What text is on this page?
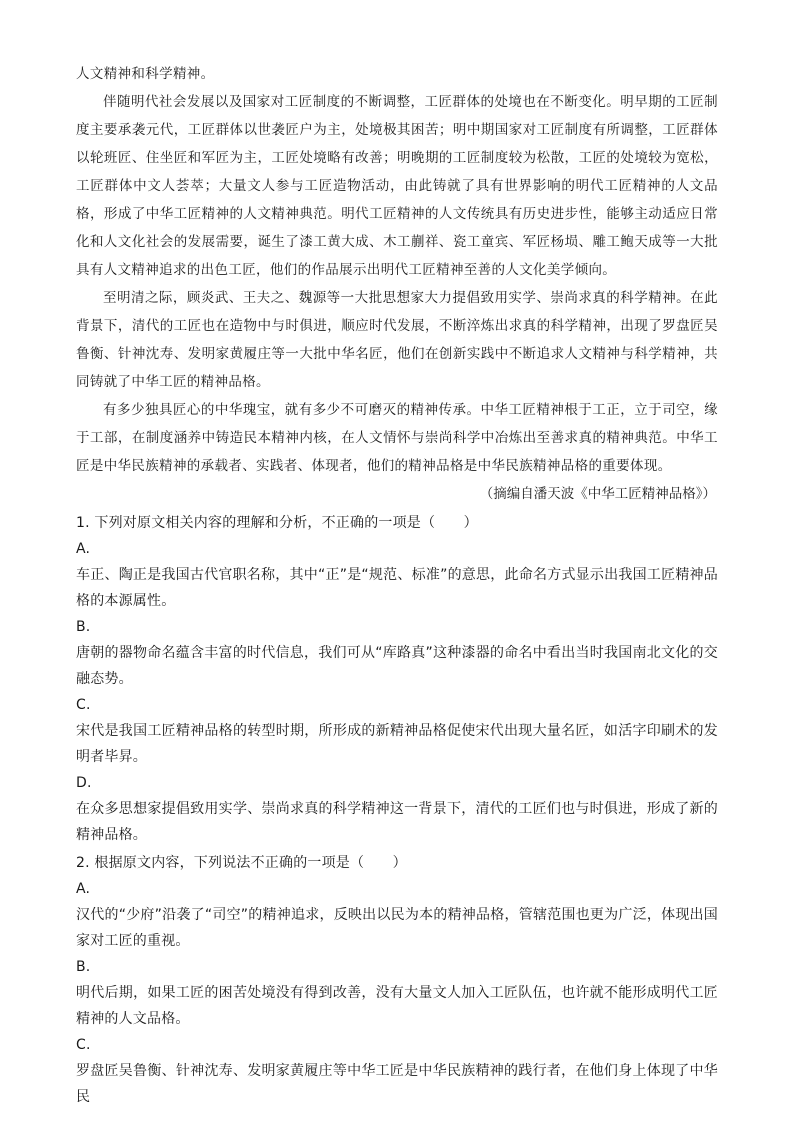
人文精神和科学精神。

伴随明代社会发展以及国家对工匠制度的不断调整，工匠群体的处境也在不断变化。明早期的工匠制度主要承袭元代，工匠群体以世袭匠户为主，处境极其困苦；明中期国家对工匠制度有所调整，工匠群体以轮班匠、住坐匠和军匠为主，工匠处境略有改善；明晚期的工匠制度较为松散，工匠的处境较为宽松，工匠群体中文人荟萃；大量文人参与工匠造物活动，由此铸就了具有世界影响的明代工匠精神的人文品格，形成了中华工匠精神的人文精神典范。明代工匠精神的人文传统具有历史进步性，能够主动适应日常化和人文化社会的发展需要，诞生了漆工黄大成、木工蒯祥、瓷工童宾、军匠杨埙、雕工鲍天成等一大批具有人文精神追求的出色工匠，他们的作品展示出明代工匠精神至善的人文化美学倾向。

至明清之际，顾炎武、王夫之、魏源等一大批思想家大力提倡致用实学、崇尚求真的科学精神。在此背景下，清代的工匠也在造物中与时俱进，顺应时代发展，不断淬炼出求真的科学精神，出现了罗盘匠吴鲁衡、针神沈寿、发明家黄履庄等一大批中华名匠，他们在创新实践中不断追求人文精神与科学精神，共同铸就了中华工匠的精神品格。

有多少独具匠心的中华瑰宝，就有多少不可磨灭的精神传承。中华工匠精神根于工正，立于司空，缘于工部，在制度涵养中铸造民本精神内核，在人文情怀与崇尚科学中冶炼出至善求真的精神典范。中华工匠是中华民族精神的承载者、实践者、体现者，他们的精神品格是中华民族精神品格的重要体现。

（摘编自潘天波《中华工匠精神品格》）

1. 下列对原文相关内容的理解和分析，不正确的一项是（　　）

A.

车正、陶正是我国古代官职名称，其中“正”是“规范、标准”的意思，此命名方式显示出我国工匠精神品格的本源属性。

B.

唐朝的器物命名蕴含丰富的时代信息，我们可从“库路真”这种漆器的命名中看出当时我国南北文化的交融态势。

C.

宋代是我国工匠精神品格的转型时期，所形成的新精神品格促使宋代出现大量名匠，如活字印刷术的发明者毕昇。

D.

在众多思想家提倡致用实学、崇尚求真的科学精神这一背景下，清代的工匠们也与时俱进，形成了新的精神品格。

2. 根据原文内容，下列说法不正确的一项是（　　）

A.

汉代的“少府”沿袭了“司空”的精神追求，反映出以民为本的精神品格，管辖范围也更为广泛，体现出国家对工匠的重视。

B.

明代后期，如果工匠的困苦处境没有得到改善，没有大量文人加入工匠队伍，也许就不能形成明代工匠精神的人文品格。

C.

罗盘匠吴鲁衡、针神沈寿、发明家黄履庄等中华工匠是中华民族精神的践行者，在他们身上体现了中华民
